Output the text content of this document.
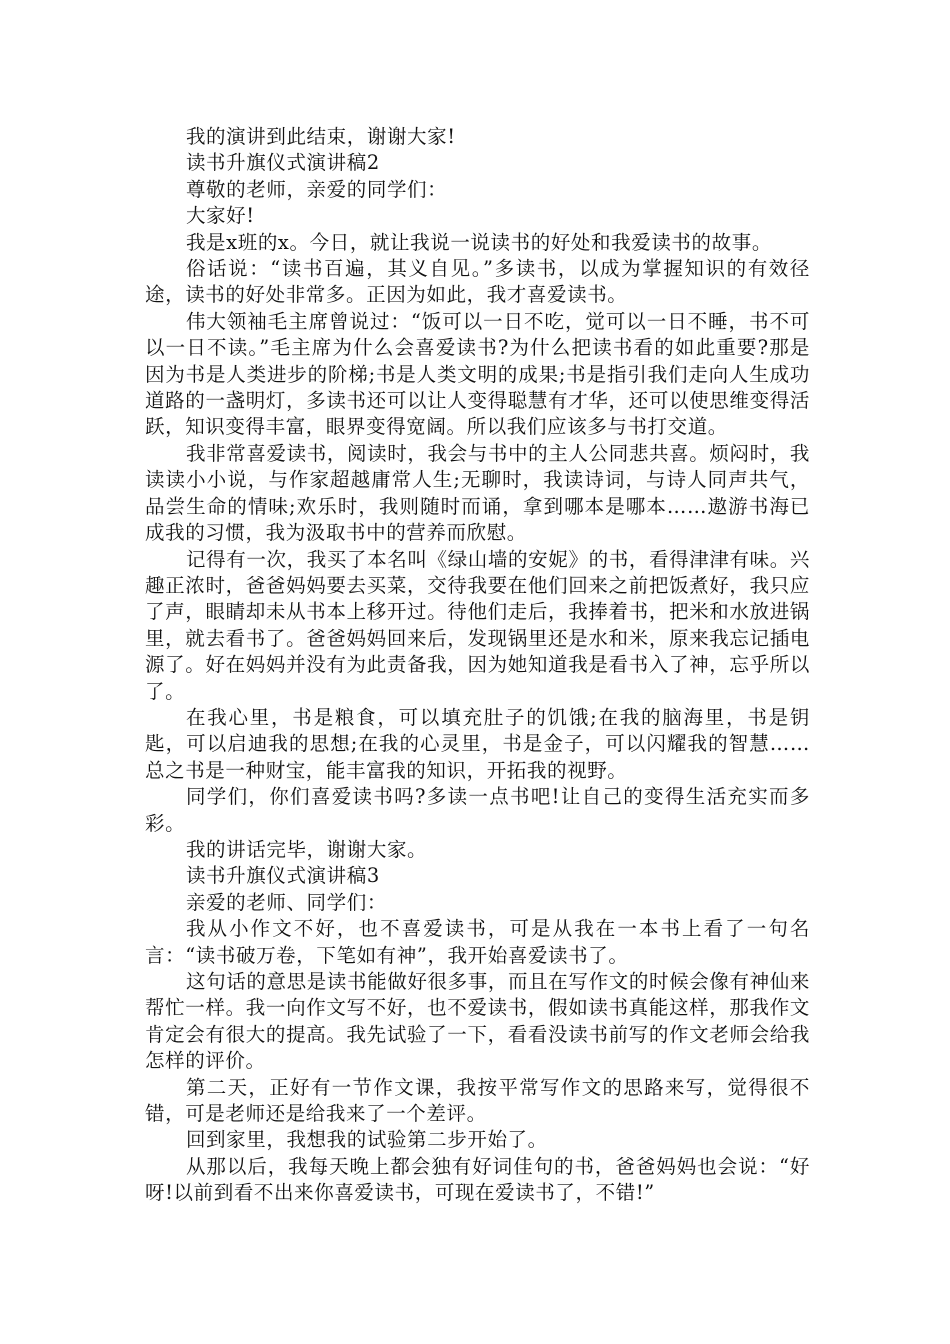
我的演讲到此结束，谢谢大家!

读书升旗仪式演讲稿2

尊敬的老师，亲爱的同学们：

大家好!

我是x班的x。今日，就让我说一说读书的好处和我爱读书的故事。

俗话说：“读书百遍，其义自见。”多读书，以成为掌握知识的有效径途，读书的好处非常多。正因为如此，我才喜爱读书。

伟大领袖毛主席曾说过：“饭可以一日不吃，觉可以一日不睡，书不可以一日不读。”毛主席为什么会喜爱读书?为什么把读书看的如此重要?那是因为书是人类进步的阶梯;书是人类文明的成果;书是指引我们走向人生成功道路的一盏明灯，多读书还可以让人变得聪慧有才华，还可以使思维变得活跃，知识变得丰富，眼界变得宽阔。所以我们应该多与书打交道。

我非常喜爱读书，阅读时，我会与书中的主人公同悲共喜。烦闷时，我读读小小说，与作家超越庸常人生;无聊时，我读诗词，与诗人同声共气，品尝生命的情味;欢乐时，我则随时而诵，拿到哪本是哪本……遨游书海已成我的习惯，我为汲取书中的营养而欣慰。

记得有一次，我买了本名叫《绿山墙的安妮》的书，看得津津有味。兴趣正浓时，爸爸妈妈要去买菜，交待我要在他们回来之前把饭煮好，我只应了声，眼睛却未从书本上移开过。待他们走后，我捧着书，把米和水放进锅里，就去看书了。爸爸妈妈回来后，发现锅里还是水和米，原来我忘记插电源了。好在妈妈并没有为此责备我，因为她知道我是看书入了神，忘乎所以了。

在我心里，书是粮食，可以填充肚子的饥饿;在我的脑海里，书是钥匙，可以启迪我的思想;在我的心灵里，书是金子，可以闪耀我的智慧……总之书是一种财宝，能丰富我的知识，开拓我的视野。

同学们，你们喜爱读书吗?多读一点书吧!让自己的变得生活充实而多彩。

我的讲话完毕，谢谢大家。

读书升旗仪式演讲稿3

亲爱的老师、同学们：

我从小作文不好，也不喜爱读书，可是从我在一本书上看了一句名言：“读书破万卷，下笔如有神”，我开始喜爱读书了。

这句话的意思是读书能做好很多事，而且在写作文的时候会像有神仙来帮忙一样。我一向作文写不好，也不爱读书，假如读书真能这样，那我作文肯定会有很大的提高。我先试验了一下，看看没读书前写的作文老师会给我怎样的评价。

第二天，正好有一节作文课，我按平常写作文的思路来写，觉得很不错，可是老师还是给我来了一个差评。

回到家里，我想我的试验第二步开始了。

从那以后，我每天晚上都会独有好词佳句的书，爸爸妈妈也会说：“好呀!以前到看不出来你喜爱读书，可现在爱读书了，不错!”
